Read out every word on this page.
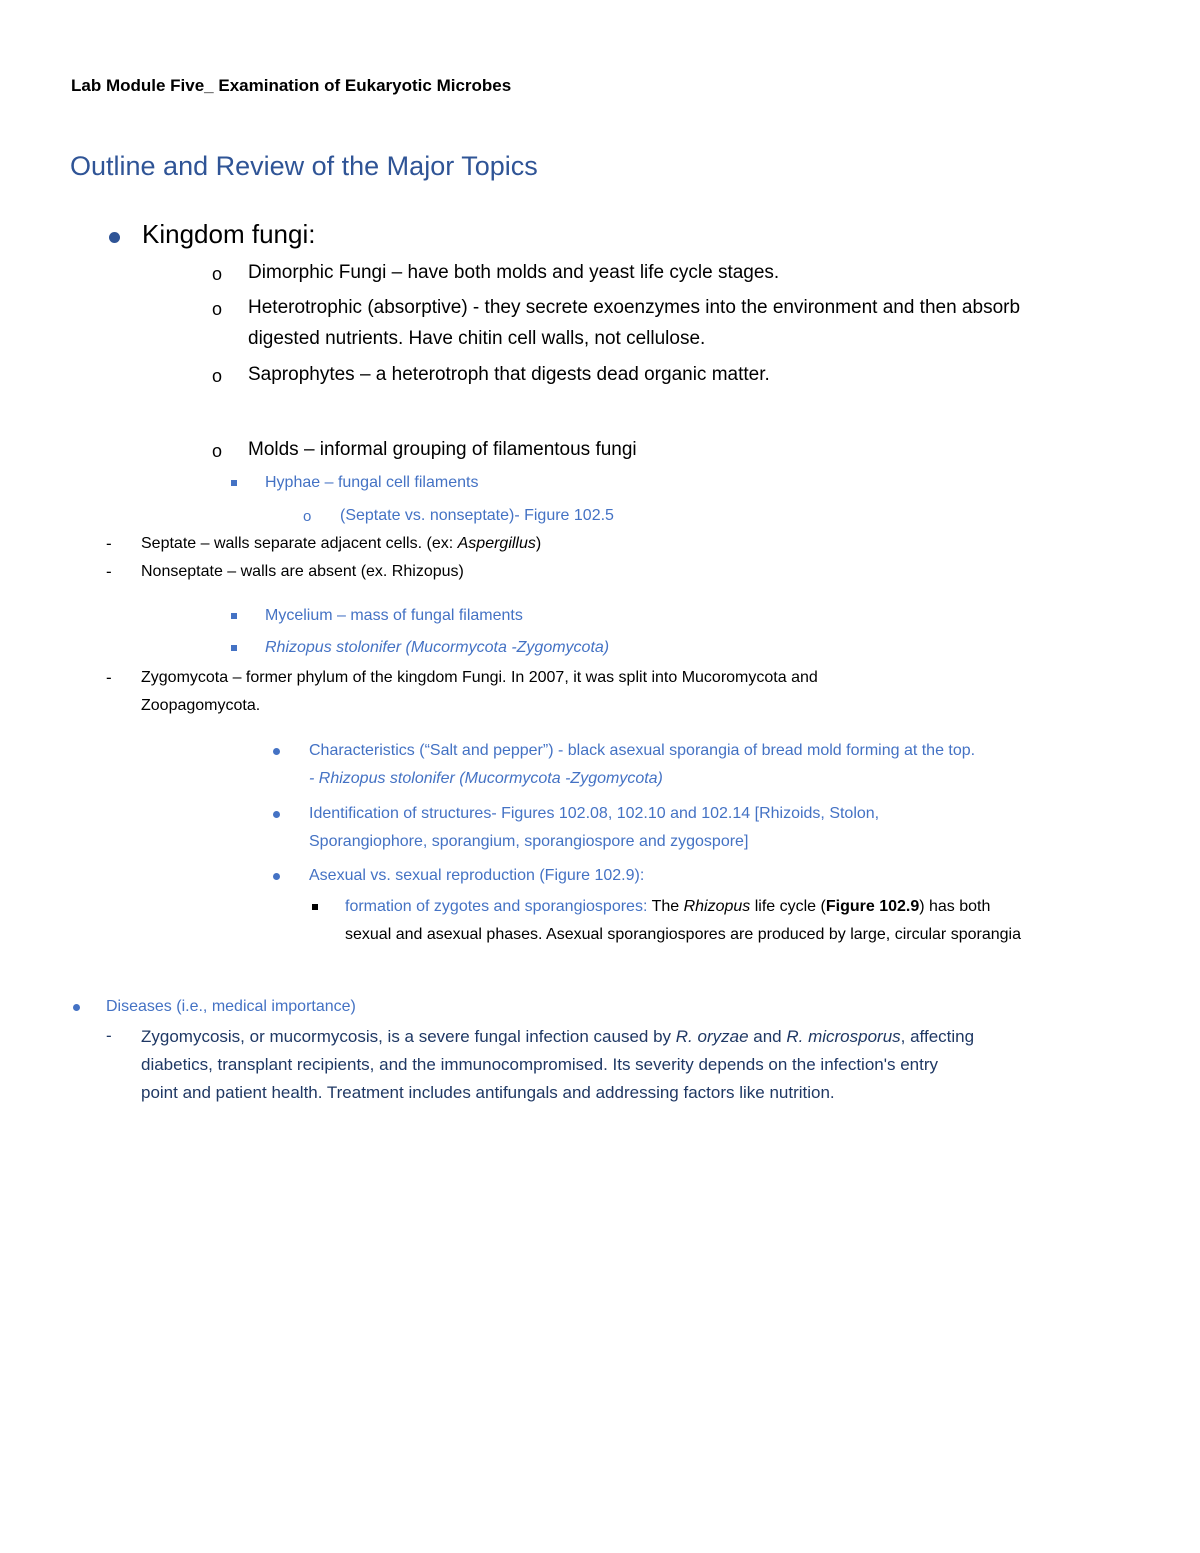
Lab Module Five_ Examination of Eukaryotic Microbes
Outline and Review of the Major Topics
Kingdom fungi:
o Dimorphic Fungi – have both molds and yeast life cycle stages.
o Heterotrophic (absorptive) - they secrete exoenzymes into the environment and then absorb
digested nutrients. Have chitin cell walls, not cellulose.
o Saprophytes – a heterotroph that digests dead organic matter.
o Molds – informal grouping of filamentous fungi
Hyphae – fungal cell filaments
o (Septate vs. nonseptate)- Figure 102.5
- Septate – walls separate adjacent cells. (ex: Aspergillus)
- Nonseptate – walls are absent (ex. Rhizopus)
Mycelium – mass of fungal filaments
Rhizopus stolonifer (Mucormycota -Zygomycota)
- Zygomycota – former phylum of the kingdom Fungi. In 2007, it was split into Mucoromycota and
Zoopagomycota.
Characteristics (“Salt and pepper”) - black asexual sporangia of bread mold forming at the top.
- Rhizopus stolonifer (Mucormycota -Zygomycota)
Identification of structures- Figures 102.08, 102.10 and 102.14 [Rhizoids, Stolon,
Sporangiophore, sporangium, sporangiospore and zygospore]
Asexual vs. sexual reproduction (Figure 102.9):
formation of zygotes and sporangiospores: The Rhizopus life cycle (Figure 102.9) has both
sexual and asexual phases. Asexual sporangiospores are produced by large, circular sporangia
Diseases (i.e., medical importance)
- Zygomycosis, or mucormycosis, is a severe fungal infection caused by R. oryzae and R. microsporus, affecting
diabetics, transplant recipients, and the immunocompromised. Its severity depends on the infection's entry
point and patient health. Treatment includes antifungals and addressing factors like nutrition.
